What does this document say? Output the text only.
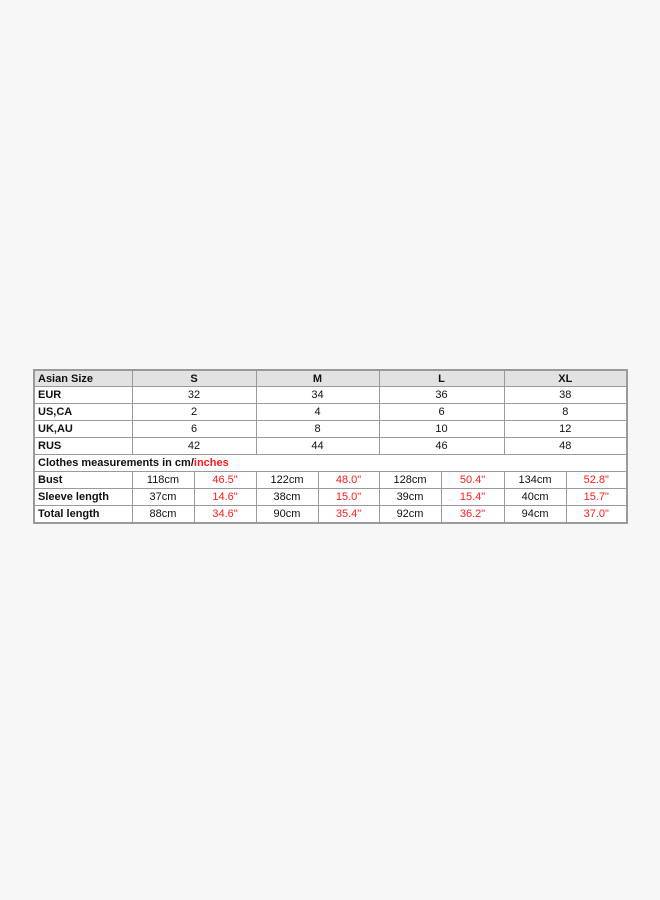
Asian Size	S		M		L		XL	
EUR	32		34		36		38	
US,CA	2		4		6		8	
UK,AU	6		8		10		12	
RUS	42		44		46		48	
Clothes measurements in cm/inches								
Bust	118cm	46.5"	122cm	48.0"	128cm	50.4"	134cm	52.8"
Sleeve length	37cm	14.6"	38cm	15.0"	39cm	15.4"	40cm	15.7"
Total length	88cm	34.6"	90cm	35.4"	92cm	36.2"	94cm	37.0"
